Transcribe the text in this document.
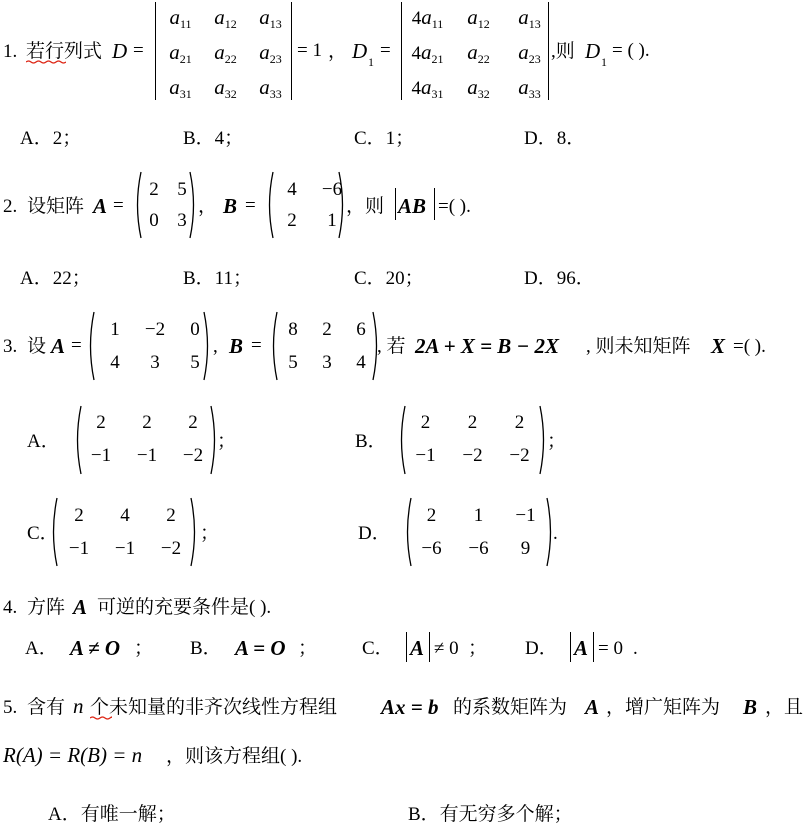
1. 若行列式 D =
$a_{11}$	$a_{12}$	$a_{13}$
$a_{21}$	$a_{22}$	$a_{23}$
$a_{31}$	$a_{32}$	$a_{33}$
= 1 ， D 1
=
$4a_{11}$	$a_{12}$	$a_{13}$
$4a_{21}$	$a_{22}$	$a_{23}$
$4a_{31}$	$a_{32}$	$a_{33}$
,则 D 1
= ( ).
A．2；	B．4；	C．1；	D．8．
2. 设矩阵 A =
2 5
0 3
， B =
4	−6
2	1
，则 AB =( ).
A．22；	B．11；	C．20；	D．96．
3. 设 A =
1	−2	0
4	3	5
, B =
8	2	6
5	3	4
, 若 2A + X = B − 2X , 则未知矩阵 X =( ).
A．
2	2	2
−1	−1	−2
；	B．
2	2	2
−1	−2	−2
；
C．
2	4	2
−1	−1	−2
；	D．
2	1	−1
−6	−6	9
.
4. 方阵 A 可逆的充要条件是( ).
A． A ≠ O ； B． A = O ； C． A ≠ 0 ； D． A = 0 .
5. 含有 n 个未知量的非齐次线性方程组 Ax = b 的系数矩阵为 A ，增广矩阵为 B ，且
R(A) = R(B) = n ，则该方程组( ).
A．有唯一解；	B．有无穷多个解；
